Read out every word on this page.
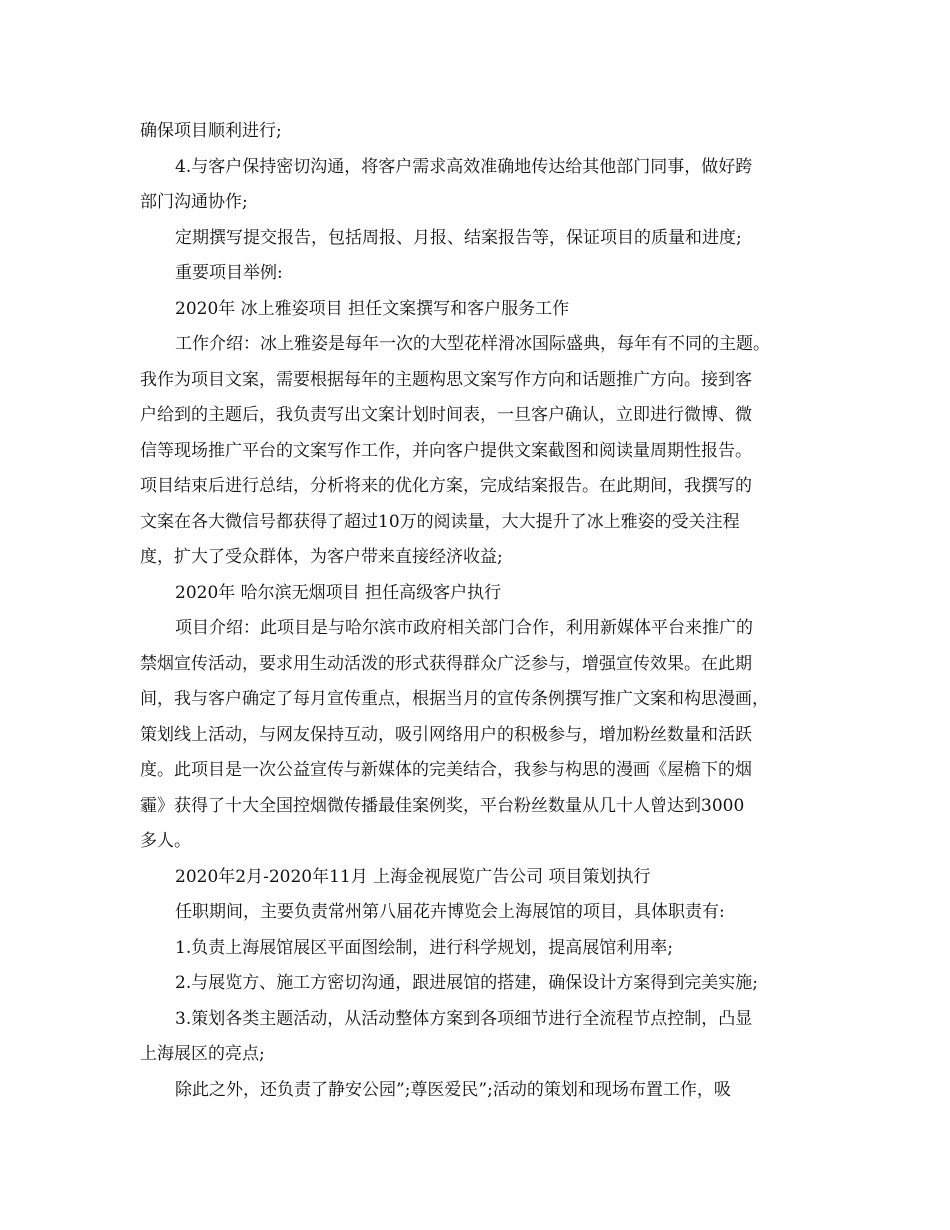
确保项目顺利进行;
4.与客户保持密切沟通，将客户需求高效准确地传达给其他部门同事，做好跨
部门沟通协作;
定期撰写提交报告，包括周报、月报、结案报告等，保证项目的质量和进度;
重要项目举例:
2020年 冰上雅姿项目 担任文案撰写和客户服务工作
工作介绍：冰上雅姿是每年一次的大型花样滑冰国际盛典，每年有不同的主题。
我作为项目文案，需要根据每年的主题构思文案写作方向和话题推广方向。接到客
户给到的主题后，我负责写出文案计划时间表，一旦客户确认，立即进行微博、微
信等现场推广平台的文案写作工作，并向客户提供文案截图和阅读量周期性报告。
项目结束后进行总结，分析将来的优化方案，完成结案报告。在此期间，我撰写的
文案在各大微信号都获得了超过10万的阅读量，大大提升了冰上雅姿的受关注程
度，扩大了受众群体，为客户带来直接经济收益;
2020年 哈尔滨无烟项目 担任高级客户执行
项目介绍：此项目是与哈尔滨市政府相关部门合作，利用新媒体平台来推广的
禁烟宣传活动，要求用生动活泼的形式获得群众广泛参与，增强宣传效果。在此期
间，我与客户确定了每月宣传重点，根据当月的宣传条例撰写推广文案和构思漫画，
策划线上活动，与网友保持互动，吸引网络用户的积极参与，增加粉丝数量和活跃
度。此项目是一次公益宣传与新媒体的完美结合，我参与构思的漫画《屋檐下的烟
霾》获得了十大全国控烟微传播最佳案例奖，平台粉丝数量从几十人曾达到3000
多人。
2020年2月-2020年11月 上海金视展览广告公司 项目策划执行
任职期间，主要负责常州第八届花卉博览会上海展馆的项目，具体职责有:
1.负责上海展馆展区平面图绘制，进行科学规划，提高展馆利用率;
2.与展览方、施工方密切沟通，跟进展馆的搭建，确保设计方案得到完美实施;
3.策划各类主题活动，从活动整体方案到各项细节进行全流程节点控制，凸显
上海展区的亮点;
除此之外，还负责了静安公园”;尊医爱民”;活动的策划和现场布置工作，吸
